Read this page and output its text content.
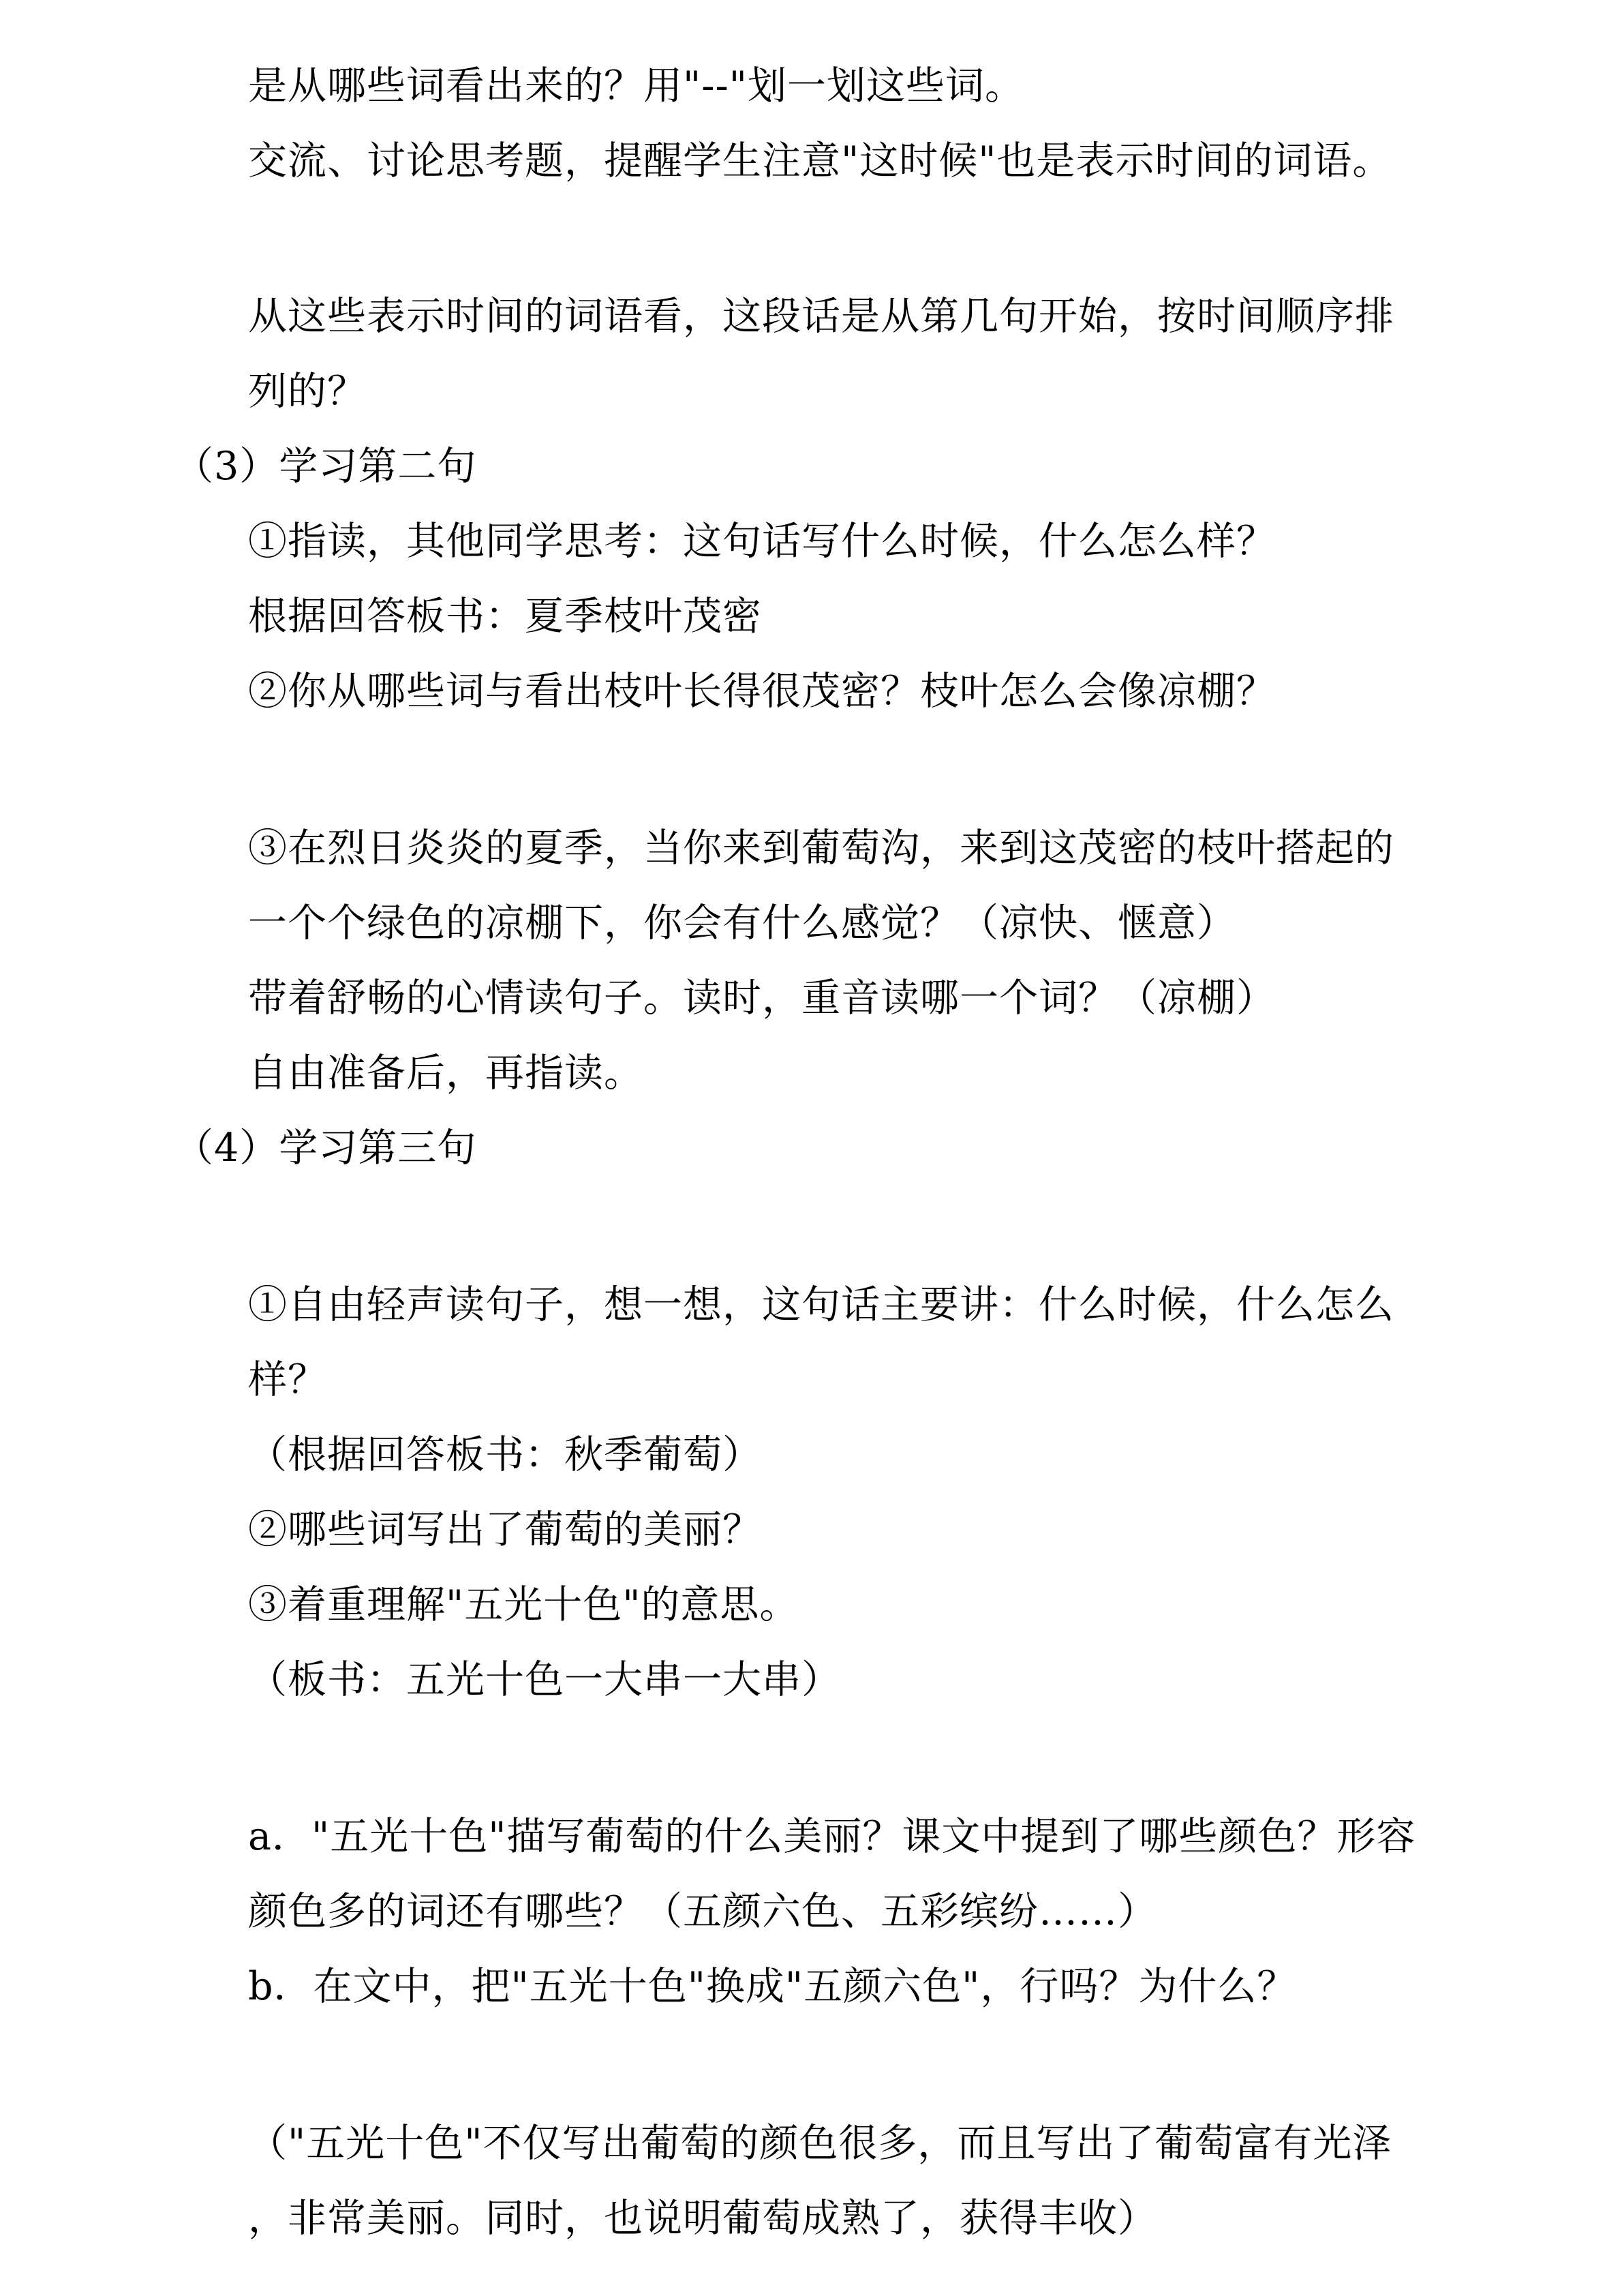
是从哪些词看出来的？用"--"划一划这些词。
交流、讨论思考题，提醒学生注意"这时候"也是表示时间的词语。
从这些表示时间的词语看，这段话是从第几句开始，按时间顺序排
列的？
（3）学习第二句
①指读，其他同学思考：这句话写什么时候，什么怎么样？
根据回答板书：夏季枝叶茂密
②你从哪些词与看出枝叶长得很茂密？枝叶怎么会像凉棚？
③在烈日炎炎的夏季，当你来到葡萄沟，来到这茂密的枝叶搭起的
一个个绿色的凉棚下，你会有什么感觉？（凉快、惬意）
带着舒畅的心情读句子。读时，重音读哪一个词？（凉棚）
自由准备后，再指读。
（4）学习第三句
①自由轻声读句子，想一想，这句话主要讲：什么时候，什么怎么
样？
（根据回答板书：秋季葡萄）
②哪些词写出了葡萄的美丽？
③着重理解"五光十色"的意思。
（板书：五光十色一大串一大串）
a．"五光十色"描写葡萄的什么美丽？课文中提到了哪些颜色？形容
颜色多的词还有哪些？（五颜六色、五彩缤纷……）
b．在文中，把"五光十色"换成"五颜六色"，行吗？为什么？
（"五光十色"不仅写出葡萄的颜色很多，而且写出了葡萄富有光泽
，非常美丽。同时，也说明葡萄成熟了，获得丰收）
